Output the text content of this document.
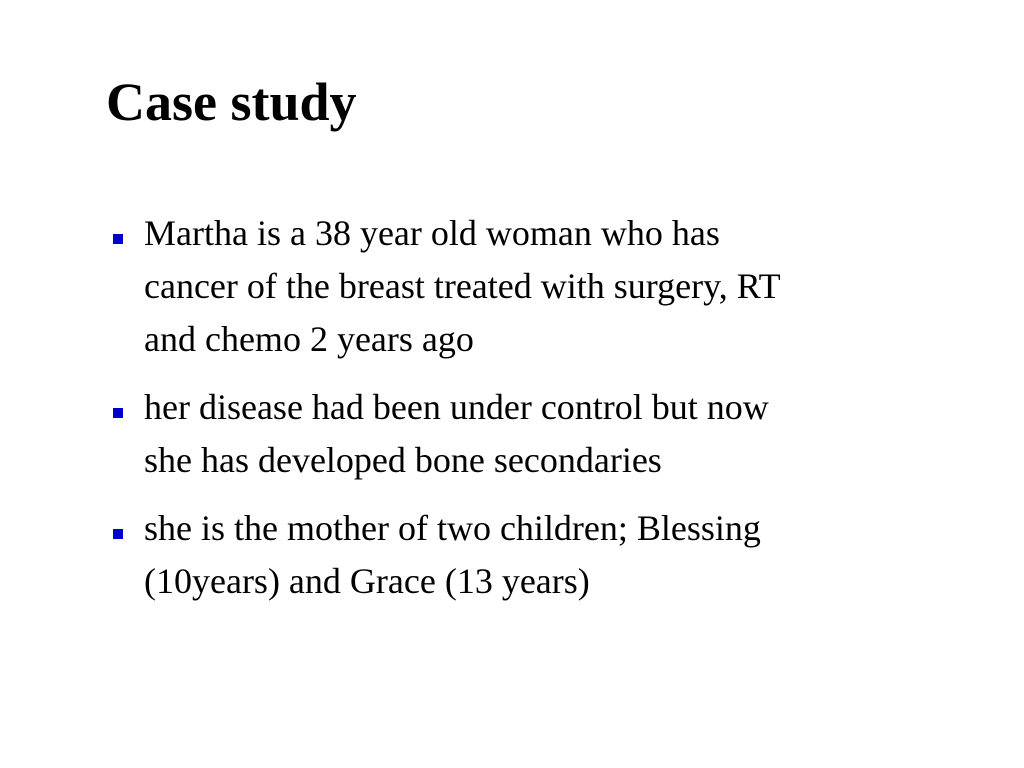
Case study
Martha is a 38 year old woman who has cancer of the breast treated with surgery, RT and chemo 2 years ago
her disease had been under control but now she has developed bone secondaries
she is the mother of two children; Blessing (10years) and Grace (13 years)
